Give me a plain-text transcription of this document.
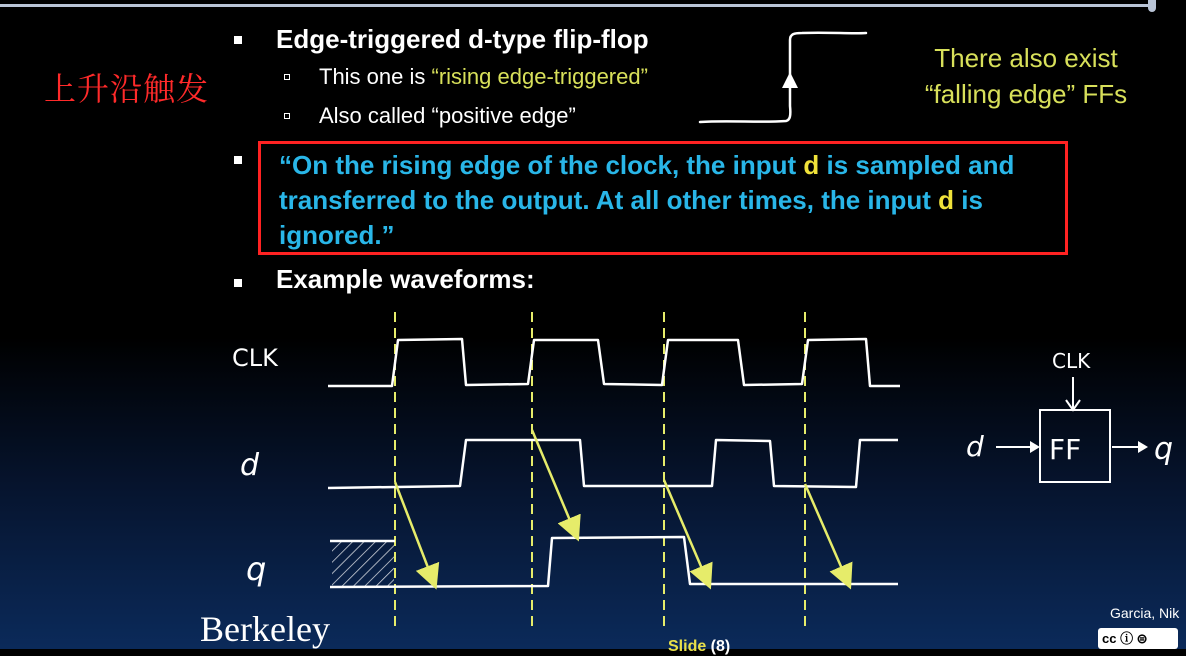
上升沿触发
Edge-triggered d-type flip-flop
This one is “rising edge-triggered”
Also called “positive edge”
There also exist
“falling edge” FFs
“On the rising edge of the clock, the input d is sampled and transferred to the output. At all other times, the input d is ignored.”
Example waveforms:
CLK
d
q
FF
CLK
d	q
Berkeley	Slide (8)
Garcia, Nik
cc ⓘ ⊜
